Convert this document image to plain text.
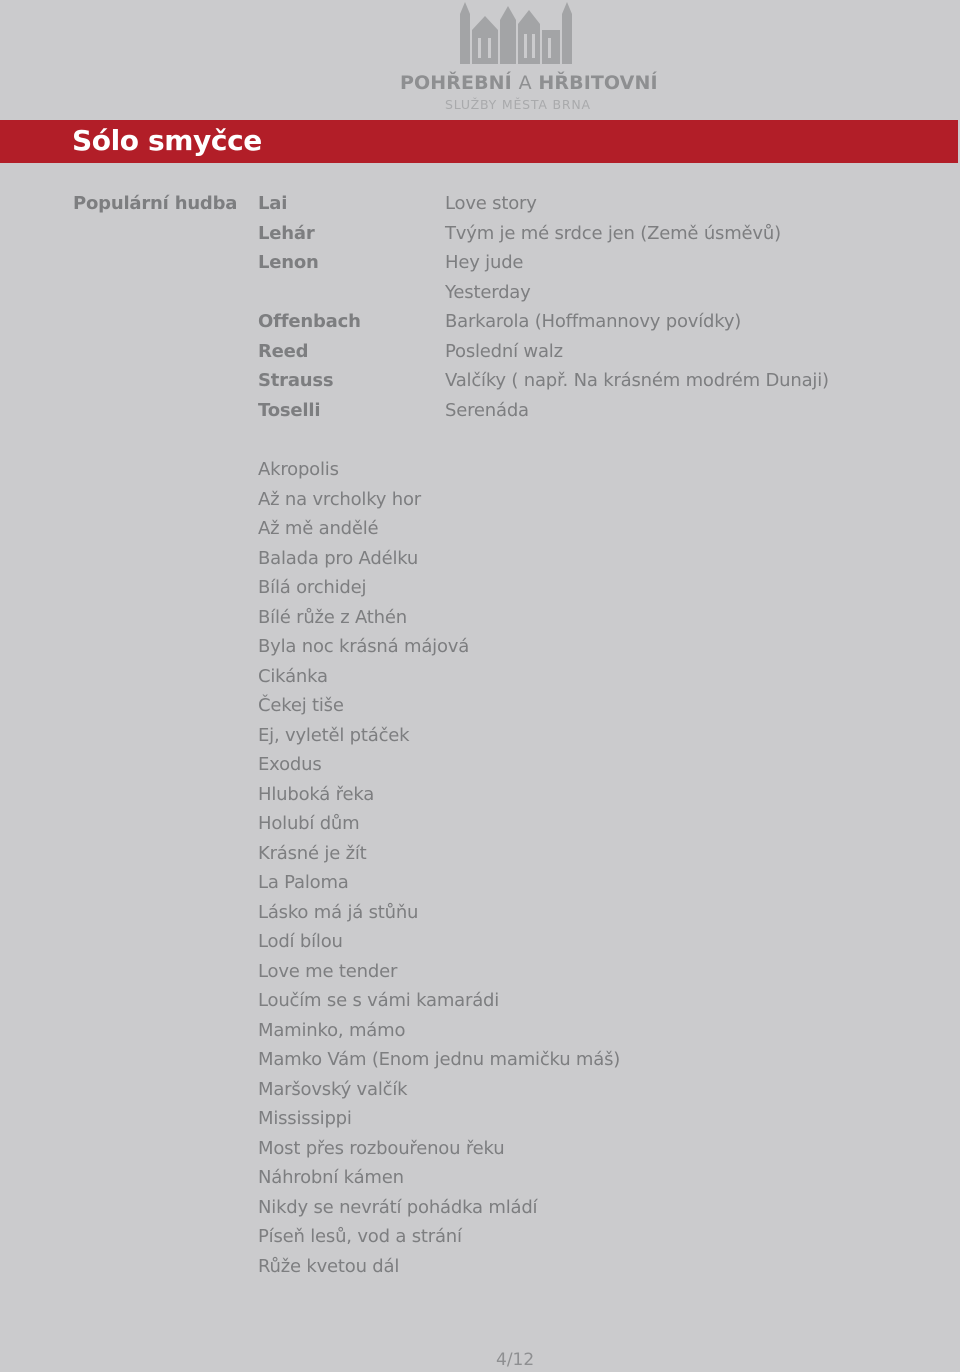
POHŘEBNÍ A HŘBITOVNÍ
SLUŽBY MĚSTA BRNA
Sólo smyčce
Populární hudba Lai	Love story
Lehár	Tvým je mé srdce jen (Země úsměvů)
Lenon	Hey jude
Yesterday
Offenbach	Barkarola (Hoffmannovy povídky)
Reed	Poslední walz
Strauss	Valčíky ( např. Na krásném modrém Dunaji)
Toselli	Serenáda
Akropolis
Až na vrcholky hor
Až mě andělé
Balada pro Adélku
Bílá orchidej
Bílé růže z Athén
Byla noc krásná májová
Cikánka
Čekej tiše
Ej, vyletěl ptáček
Exodus
Hluboká řeka
Holubí dům
Krásné je žít
La Paloma
Lásko má já stůňu
Lodí bílou
Love me tender
Loučím se s vámi kamarádi
Maminko, mámo
Mamko Vám (Enom jednu mamičku máš)
Maršovský valčík
Mississippi
Most přes rozbouřenou řeku
Náhrobní kámen
Nikdy se nevrátí pohádka mládí
Píseň lesů, vod a strání
Růže kvetou dál
4/12
